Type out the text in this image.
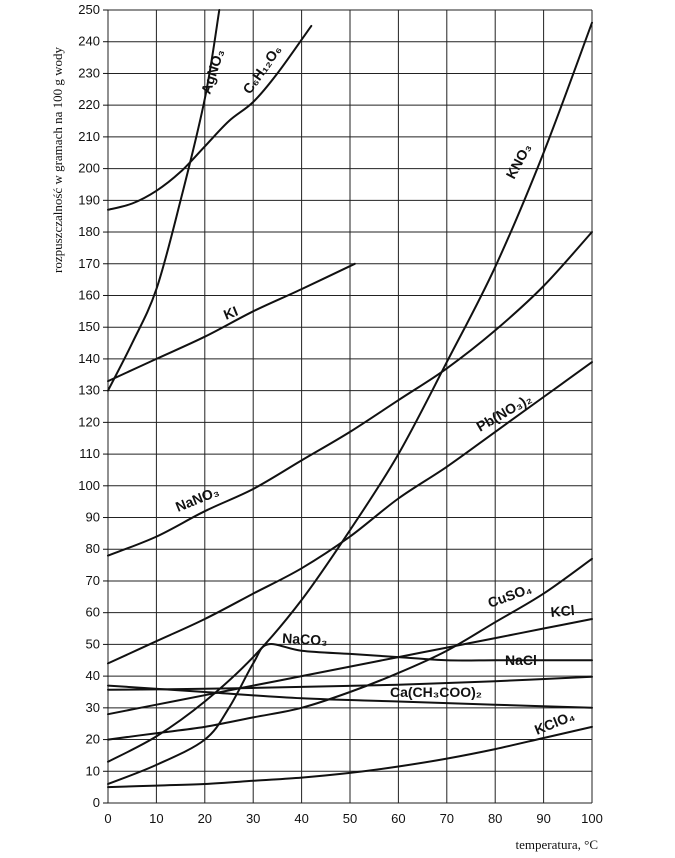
0
10
20
30
40
50
60
70
80
90
100
110
120
130
140
150
160
170
180
190
200
210
220
230
240
250
0	10	20	30	40	50	60	70	80	90 100
AgNO₃ C₆H₁₂O₆
KI
KNO₃
NaNO₃
Pb(NO₃)₂
CuSO₄
KCl
NaCO₃
NaCl
Ca(CH₃COO)₂
KClO₄
temperatura, °C
rozpuszczalność w gramach na 100 g wody
